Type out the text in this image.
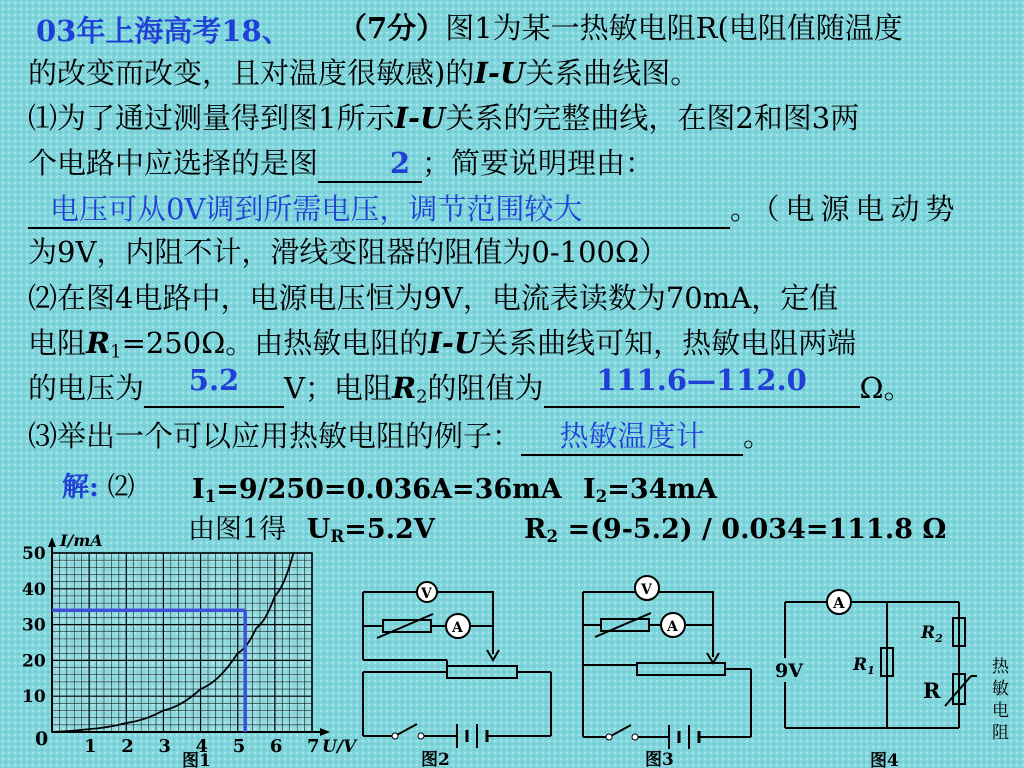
03年上海高考18、 （7分）图1为某一热敏电阻R(电阻值随温度
的改变而改变，且对温度很敏感)的I-U关系曲线图。
⑴为了通过测量得到图1所示I-U关系的完整曲线，在图2和图3两
个电路中应选择的是图 2 ；简要说明理由：
电压可从0V调到所需电压，调节范围较大	。（电源电动势
为9V，内阻不计，滑线变阻器的阻值为0-100Ω）
⑵在图4电路中，电源电压恒为9V，电流表读数为70mA，定值
电阻$R_1=250\Omega$。由热敏电阻的I-U关系曲线可知，热敏电阻两端
的电压为 5.2 V；电阻$R_2$的阻值为 111.6—112.0 Ω。
⑶举出一个可以应用热敏电阻的例子： 热敏温度计 。
解: ⑵ $I_1=9/250=0.036A=36mA$ $I_2=34mA$
由图1得 $U_R=5.2V$	$R_2 =(9-5.2) / 0.034=111.8$ Ω
1 2 3 4 5 6 7
10
20
30
40
50
I/mA
U/V
0
图1
V
A
图2
V
A
图3
A
9V	$R_1$
$R_2$
R
热
敏
电
阻
图4
